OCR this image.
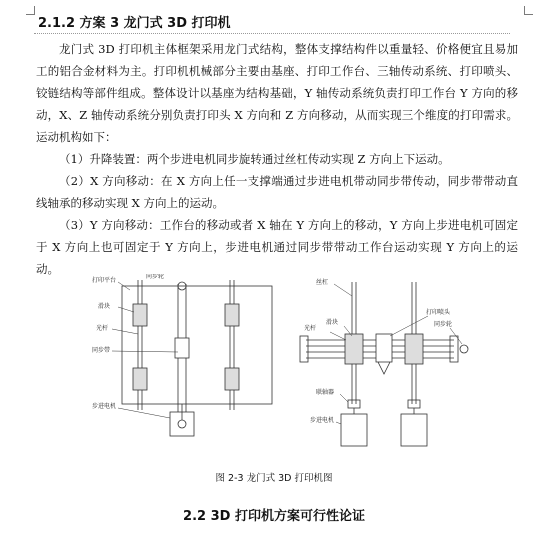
2.1.2 方案 3 龙门式 3D 打印机

龙门式 3D 打印机主体框架采用龙门式结构，整体支撑结构件以重量轻、价格便宜且易加工的铝合金材料为主。打印机机械部分主要由基座、打印工作台、三轴传动系统、打印喷头、铰链结构等部件组成。整体设计以基座为结构基础，Y 轴传动系统负责打印工作台 Y 方向的移动，X、Z 轴传动系统分别负责打印头 X 方向和 Z 方向移动，从而实现三个维度的打印需求。运动机构如下：

（1）升降装置：两个步进电机同步旋转通过丝杠传动实现 Z 方向上下运动。

（2）X 方向移动：在 X 方向上任一支撑端通过步进电机带动同步带传动，同步带带动直线轴承的移动实现 X 方向上的运动。

（3）Y 方向移动：工作台的移动或者 X 轴在 Y 方向上的移动，Y 方向上步进电机可固定于 X 方向上也可固定于 Y 方向上，步进电机通过同步带带动工作台运动实现 Y 方向上的运动。

打印平台
同步轮
滑块
光杆
同步带
步进电机
丝杠
光杆
滑块
打印喷头
同步轮
联轴器
步进电机
图 2-3 龙门式 3D 打印机图
2.2 3D 打印机方案可行性论证
